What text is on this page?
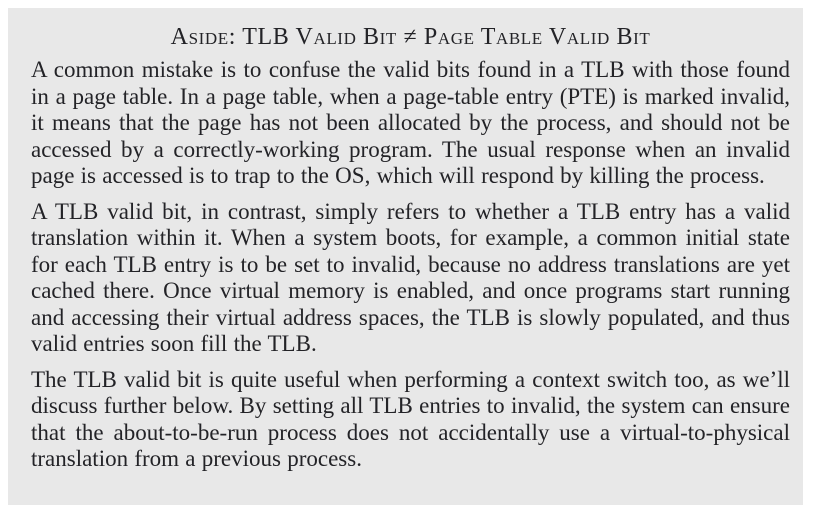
Aside: TLB Valid Bit ≠ Page Table Valid Bit

A common mistake is to confuse the valid bits found in a TLB with those found in a page table. In a page table, when a page-table entry (PTE) is marked invalid, it means that the page has not been allocated by the process, and should not be accessed by a correctly-working program. The usual response when an invalid page is accessed is to trap to the OS, which will respond by killing the process.

A TLB valid bit, in contrast, simply refers to whether a TLB entry has a valid translation within it. When a system boots, for example, a common initial state for each TLB entry is to be set to invalid, because no address translations are yet cached there. Once virtual memory is enabled, and once programs start running and accessing their virtual address spaces, the TLB is slowly populated, and thus valid entries soon fill the TLB.

The TLB valid bit is quite useful when performing a context switch too, as we’ll discuss further below. By setting all TLB entries to invalid, the system can ensure that the about-to-be-run process does not accidentally use a virtual-to-physical translation from a previous process.
